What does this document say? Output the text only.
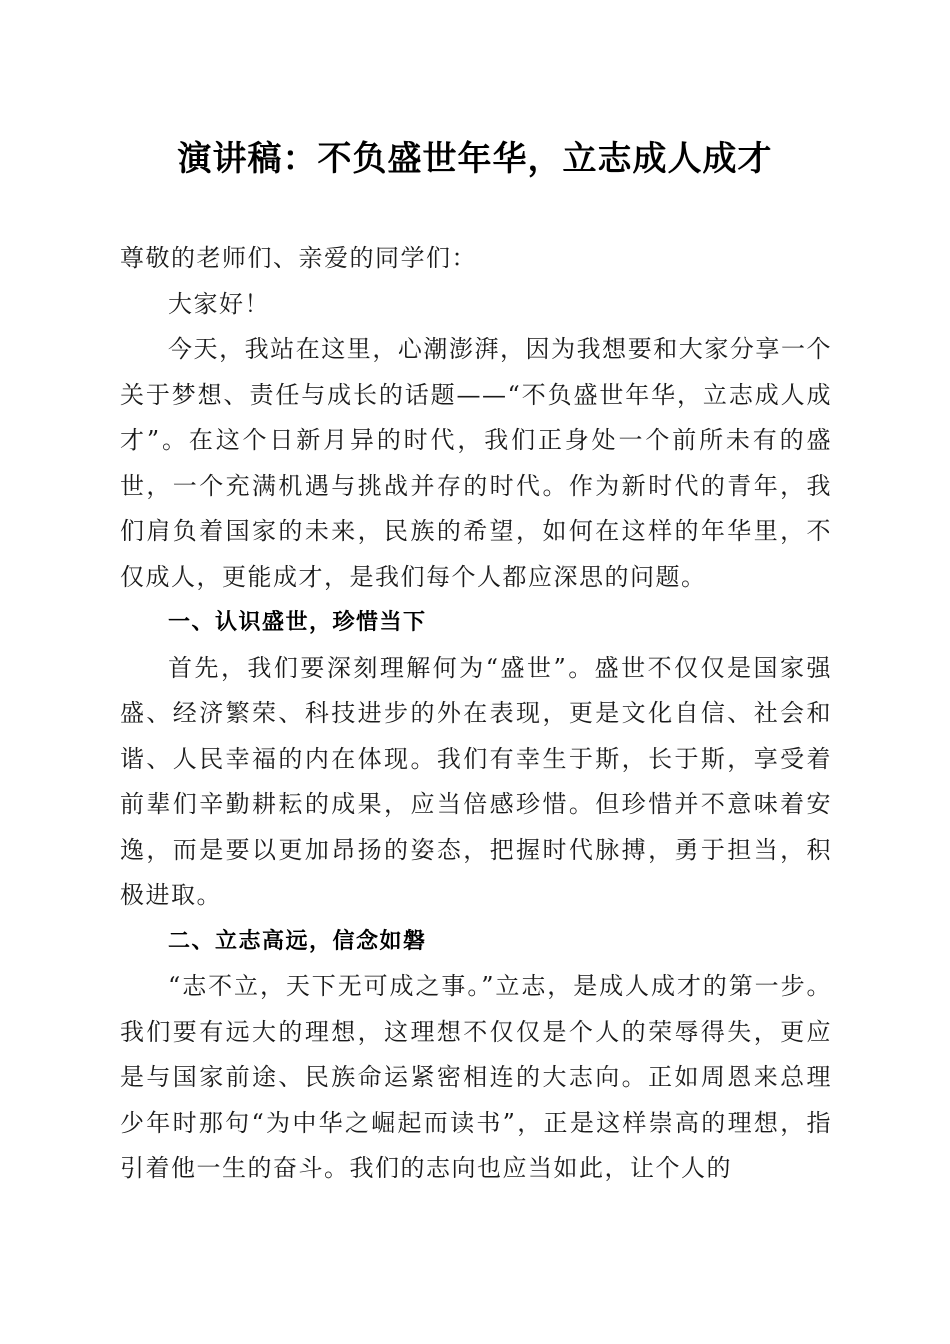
演讲稿：不负盛世年华，立志成人成才

尊敬的老师们、亲爱的同学们：

大家好！

今天，我站在这里，心潮澎湃，因为我想要和大家分享一个关于梦想、责任与成长的话题——“不负盛世年华，立志成人成才”。在这个日新月异的时代，我们正身处一个前所未有的盛世，一个充满机遇与挑战并存的时代。作为新时代的青年，我们肩负着国家的未来，民族的希望，如何在这样的年华里，不仅成人，更能成才，是我们每个人都应深思的问题。

一、认识盛世，珍惜当下

首先，我们要深刻理解何为“盛世”。盛世不仅仅是国家强盛、经济繁荣、科技进步的外在表现，更是文化自信、社会和谐、人民幸福的内在体现。我们有幸生于斯，长于斯，享受着前辈们辛勤耕耘的成果，应当倍感珍惜。但珍惜并不意味着安逸，而是要以更加昂扬的姿态，把握时代脉搏，勇于担当，积极进取。

二、立志高远，信念如磐

“志不立，天下无可成之事。”立志，是成人成才的第一步。我们要有远大的理想，这理想不仅仅是个人的荣辱得失，更应是与国家前途、民族命运紧密相连的大志向。正如周恩来总理少年时那句“为中华之崛起而读书”，正是这样崇高的理想，指引着他一生的奋斗。我们的志向也应当如此，让个人的
